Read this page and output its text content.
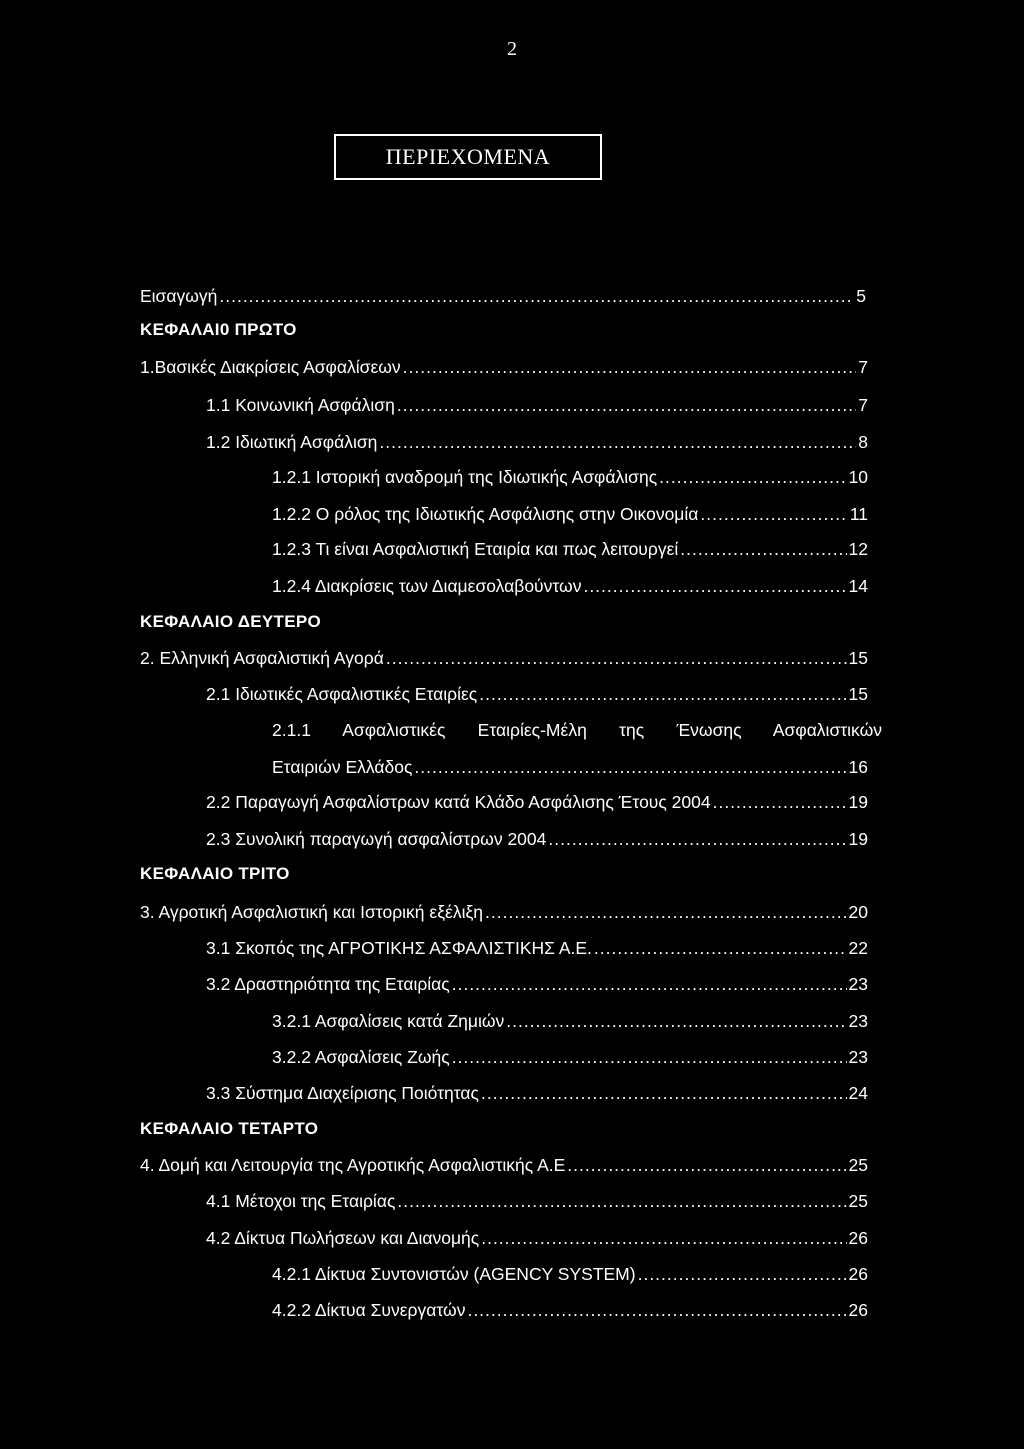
2
ΠΕΡΙΕΧΟΜΕΝΑ
Εισαγωγή .....	5
ΚΕΦΑΛΑΙ0 ΠΡΩΤΟ
1.Βασικές Διακρίσεις Ασφαλίσεων .....	7
1.1 Κοινωνική Ασφάλιση .....	7
1.2 Ιδιωτική Ασφάλιση .....	8
1.2.1 Ιστορική αναδρομή της Ιδιωτικής Ασφάλισης .....	10
1.2.2 Ο ρόλος της Ιδιωτικής Ασφάλισης στην Οικονομία .....	11
1.2.3 Τι είναι Ασφαλιστική Εταιρία και πως λειτουργεί .....	12
1.2.4 Διακρίσεις των Διαμεσολαβούντων .....	14
ΚΕΦΑΛΑΙΟ ΔΕΥΤΕΡΟ
2. Ελληνική Ασφαλιστική Αγορά .....	15
2.1 Ιδιωτικές Ασφαλιστικές Εταιρίες .....	15
2.1.1 Ασφαλιστικές Εταιρίες-Μέλη της Ένωσης Ασφαλιστικών
Εταιριών Ελλάδος .....	16
2.2 Παραγωγή Ασφαλίστρων κατά Κλάδο Ασφάλισης Έτους 2004 .....	19
2.3 Συνολική παραγωγή ασφαλίστρων 2004 .....	19
ΚΕΦΑΛΑΙΟ ΤΡΙΤΟ
3. Αγροτική Ασφαλιστική και Ιστορική εξέλιξη .....	20
3.1 Σκοπός της ΑΓΡΟΤΙΚΗΣ ΑΣΦΑΛΙΣΤΙΚΗΣ Α.Ε. .....	22
3.2 Δραστηριότητα της Εταιρίας .....	23
3.2.1 Ασφαλίσεις κατά Ζημιών .....	23
3.2.2 Ασφαλίσεις Ζωής .....	23
3.3 Σύστημα Διαχείρισης Ποιότητας .....	24
ΚΕΦΑΛΑΙΟ ΤΕΤΑΡΤΟ
4. Δομή και Λειτουργία της Αγροτικής Ασφαλιστικής Α.Ε .....	25
4.1 Μέτοχοι της Εταιρίας .....	25
4.2 Δίκτυα Πωλήσεων και Διανομής .....	26
4.2.1 Δίκτυα Συντονιστών (AGENCY SYSTEM) .....	26
4.2.2 Δίκτυα Συνεργατών .....	26
